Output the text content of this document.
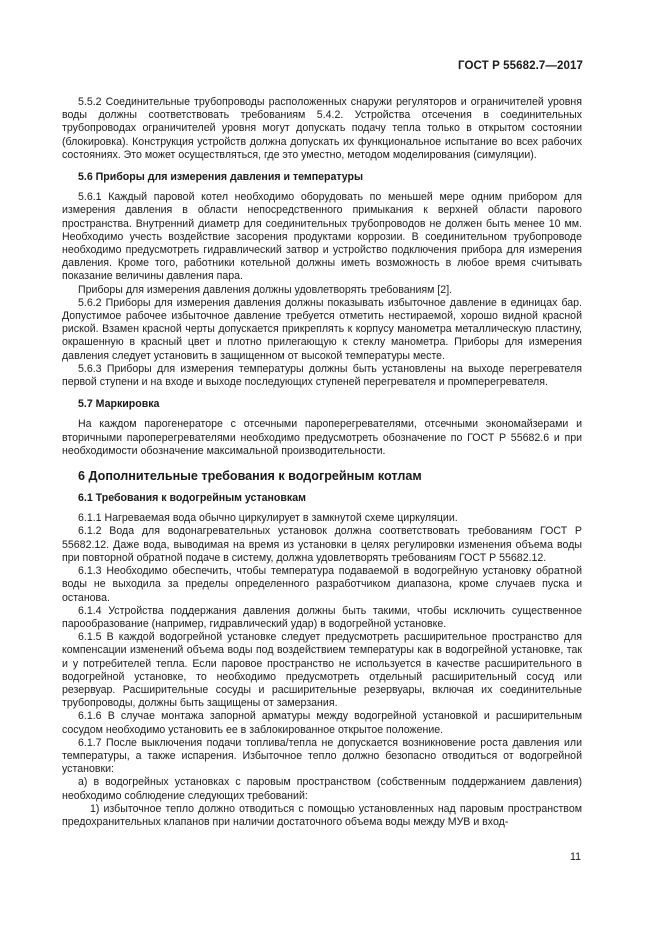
ГОСТ Р 55682.7—2017

5.5.2 Соединительные трубопроводы расположенных снаружи регуляторов и ограничителей уровня воды должны соответствовать требованиям 5.4.2. Устройства отсечения в соединительных трубопроводах ограничителей уровня могут допускать подачу тепла только в открытом состоянии (блокировка). Конструкция устройств должна допускать их функциональное испытание во всех рабочих состояниях. Это может осуществляться, где это уместно, методом моделирования (симуляции).

5.6 Приборы для измерения давления и температуры

5.6.1 Каждый паровой котел необходимо оборудовать по меньшей мере одним прибором для измерения давления в области непосредственного примыкания к верхней области парового пространства. Внутренний диаметр для соединительных трубопроводов не должен быть менее 10 мм. Необходимо учесть воздействие засорения продуктами коррозии. В соединительном трубопроводе необходимо предусмотреть гидравлический затвор и устройство подключения прибора для измерения давления. Кроме того, работники котельной должны иметь возможность в любое время считывать показание величины давления пара.

Приборы для измерения давления должны удовлетворять требованиям [2].

5.6.2 Приборы для измерения давления должны показывать избыточное давление в единицах бар. Допустимое рабочее избыточное давление требуется отметить нестираемой, хорошо видной красной риской. Взамен красной черты допускается прикреплять к корпусу манометра металлическую пластину, окрашенную в красный цвет и плотно прилегающую к стеклу манометра. Приборы для измерения давления следует установить в защищенном от высокой температуры месте.

5.6.3 Приборы для измерения температуры должны быть установлены на выходе перегревателя первой ступени и на входе и выходе последующих ступеней перегревателя и промперегревателя.

5.7 Маркировка

На каждом парогенераторе с отсечными пароперегревателями, отсечными экономайзерами и вторичными пароперегревателями необходимо предусмотреть обозначение по ГОСТ Р 55682.6 и при необходимости обозначение максимальной производительности.

6 Дополнительные требования к водогрейным котлам
6.1 Требования к водогрейным установкам

6.1.1 Нагреваемая вода обычно циркулирует в замкнутой схеме циркуляции.

6.1.2 Вода для водонагревательных установок должна соответствовать требованиям ГОСТ Р 55682.12. Даже вода, выводимая на время из установки в целях регулировки изменения объема воды при повторной обратной подаче в систему, должна удовлетворять требованиям ГОСТ Р 55682.12.

6.1.3 Необходимо обеспечить, чтобы температура подаваемой в водогрейную установку обратной воды не выходила за пределы определенного разработчиком диапазона, кроме случаев пуска и останова.

6.1.4 Устройства поддержания давления должны быть такими, чтобы исключить существенное парообразование (например, гидравлический удар) в водогрейной установке.

6.1.5 В каждой водогрейной установке следует предусмотреть расширительное пространство для компенсации изменений объема воды под воздействием температуры как в водогрейной установке, так и у потребителей тепла. Если паровое пространство не используется в качестве расширительного в водогрейной установке, то необходимо предусмотреть отдельный расширительный сосуд или резервуар. Расширительные сосуды и расширительные резервуары, включая их соединительные трубопроводы, должны быть защищены от замерзания.

6.1.6 В случае монтажа запорной арматуры между водогрейной установкой и расширительным сосудом необходимо установить ее в заблокированное открытое положение.

6.1.7 После выключения подачи топлива/тепла не допускается возникновение роста давления или температуры, а также испарения. Избыточное тепло должно безопасно отводиться от водогрейной установки:

а) в водогрейных установках с паровым пространством (собственным поддержанием давления) необходимо соблюдение следующих требований:

1) избыточное тепло должно отводиться с помощью установленных над паровым пространством предохранительных клапанов при наличии достаточного объема воды между МУВ и вход-

11
